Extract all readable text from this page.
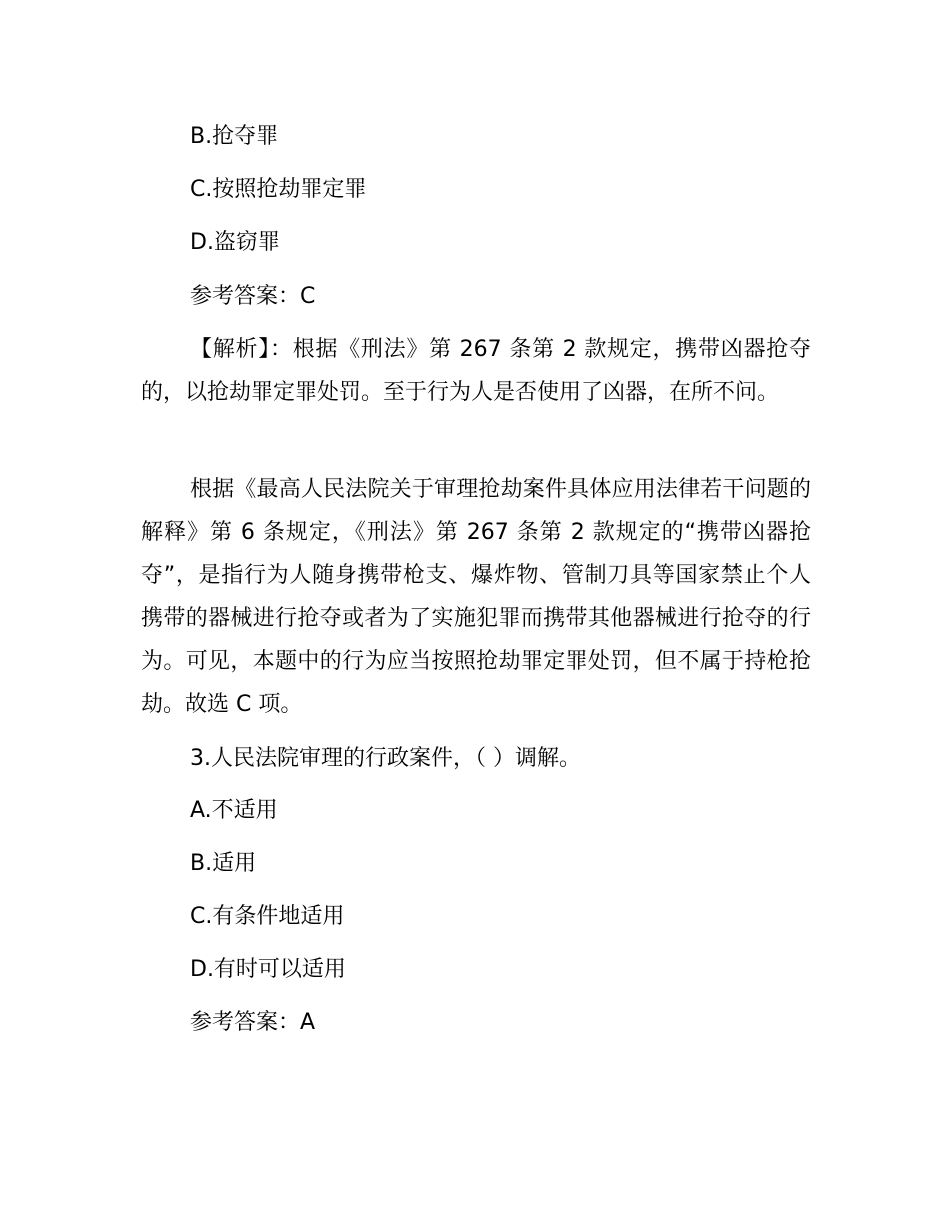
B.抢夺罪
C.按照抢劫罪定罪
D.盗窃罪
参考答案：C
【解析】：根据《刑法》第 267 条第 2 款规定，携带凶器抢夺的，以抢劫罪定罪处罚。至于行为人是否使用了凶器，在所不问。
根据《最高人民法院关于审理抢劫案件具体应用法律若干问题的解释》第 6 条规定，《刑法》第 267 条第 2 款规定的“携带凶器抢夺”，是指行为人随身携带枪支、爆炸物、管制刀具等国家禁止个人携带的器械进行抢夺或者为了实施犯罪而携带其他器械进行抢夺的行为。可见，本题中的行为应当按照抢劫罪定罪处罚，但不属于持枪抢劫。故选 C 项。
3.人民法院审理的行政案件，（ ）调解。
A.不适用
B.适用
C.有条件地适用
D.有时可以适用
参考答案：A
